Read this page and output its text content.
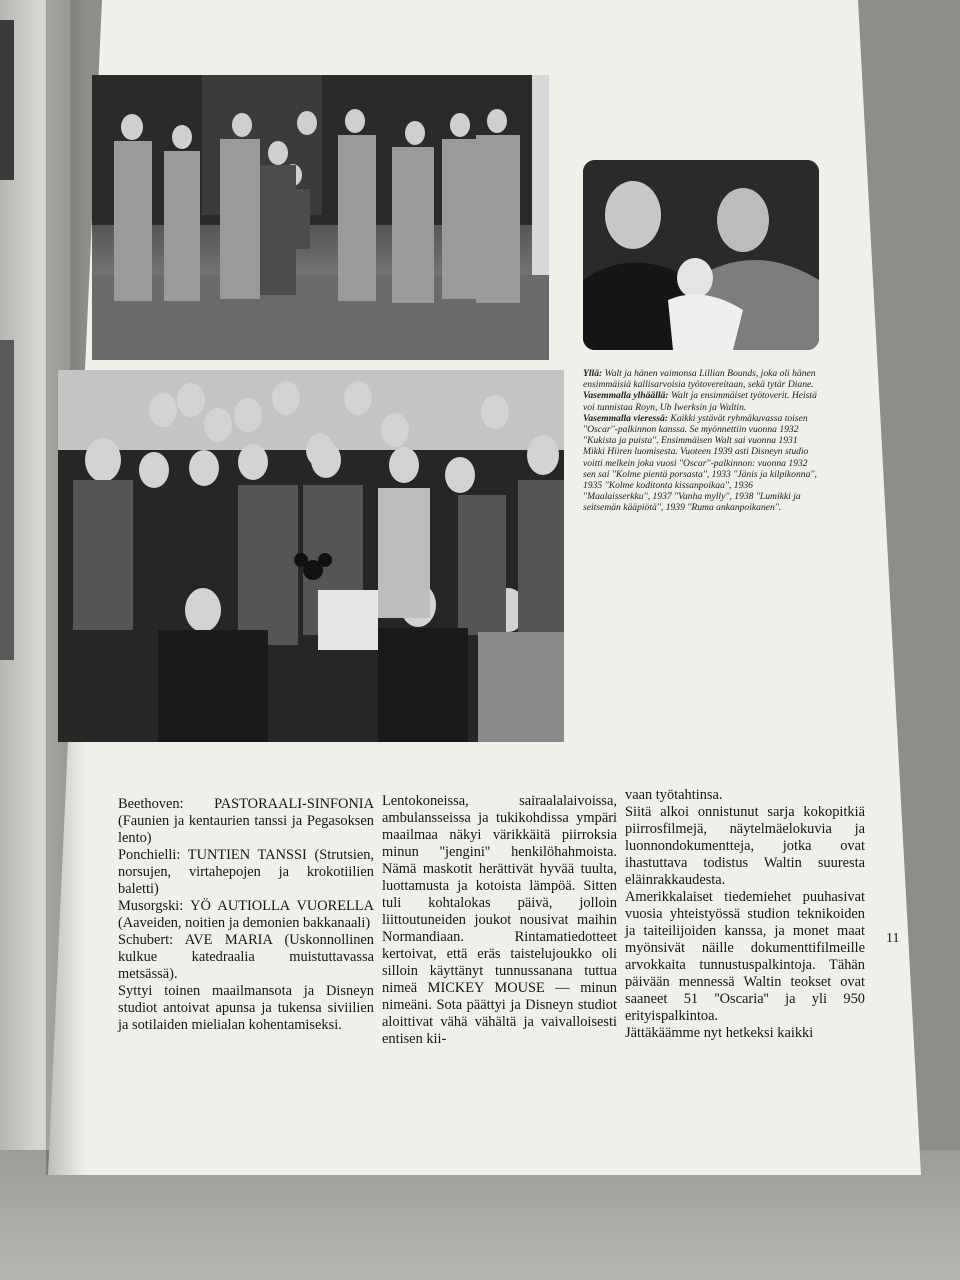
Yllä: Walt ja hänen vaimonsa Lillian Bounds, joka oli hänen ensimmäisiä kallisarvoisia työtovereitaan, sekä tytär Diane.

Vasemmalla ylhäällä: Walt ja ensimmäiset työtoverit. Heistä voi tunnistaa Royn, Ub Iwerksin ja Waltin.

Vasemmalla vieressä: Kaikki ystävät ryhmäkuvassa toisen ''Oscar''-palkinnon kanssa. Se myönnettiin vuonna 1932 ''Kukista ja puista''. Ensimmäisen Walt sai vuonna 1931 Mikki Hiiren luomisesta. Vuoteen 1939 asti Disneyn studio voitti melkein joka vuosi ''Oscar''-palkinnon: vuonna 1932 sen sai ''Kolme pientä porsasta'', 1933 ''Jänis ja kilpikonna'', 1935 ''Kolme koditonta kissanpoikaa'', 1936 ''Maalaisserkku'', 1937 ''Vanha mylly'', 1938 ''Lumikki ja seitsemän kääpiötä'', 1939 ''Ruma ankanpoikanen''.

Beethoven: PASTORAALI-SINFONIA (Faunien ja kentaurien tanssi ja Pegasoksen lento)

Ponchielli: TUNTIEN TANSSI (Strutsien, norsujen, virtahepojen ja krokotiilien baletti)

Musorgski: YÖ AUTIOLLA VUORELLA (Aaveiden, noitien ja demonien bakkanaali)

Schubert: AVE MARIA (Uskonnollinen kulkue katedraalia muistuttavassa metsässä).

Syttyi toinen maailmansota ja Disneyn studiot antoivat apunsa ja tukensa siviilien ja sotilaiden mielialan kohentamiseksi.

Lentokoneissa, sairaalalaivoissa, ambulansseissa ja tukikohdissa ympäri maailmaa näkyi värikkäitä piirroksia minun ''jengini'' henkilöhahmoista. Nämä maskotit herättivät hyvää tuulta, luottamusta ja kotoista lämpöä. Sitten tuli kohtalokas päivä, jolloin liittoutuneiden joukot nousivat maihin Normandiaan. Rintamatiedotteet kertoivat, että eräs taistelujoukko oli silloin käyttänyt tunnussanana tuttua nimeä MICKEY MOUSE — minun nimeäni. Sota päättyi ja Disneyn studiot aloittivat vähä vähältä ja vaivalloisesti entisen kii-

vaan työtahtinsa.

Siitä alkoi onnistunut sarja kokopitkiä piirrosfilmejä, näytelmäelokuvia ja luonnondokumentteja, jotka ovat ihastuttava todistus Waltin suuresta eläinrakkaudesta.

Amerikkalaiset tiedemiehet puuhasivat vuosia yhteistyössä studion teknikoiden ja taiteilijoiden kanssa, ja monet maat myönsivät näille dokumenttifilmeille arvokkaita tunnustuspalkintoja. Tähän päivään mennessä Waltin teokset ovat saaneet 51 ''Oscaria'' ja yli 950 erityispalkintoa.

Jättäkäämme nyt hetkeksi kaikki

11
